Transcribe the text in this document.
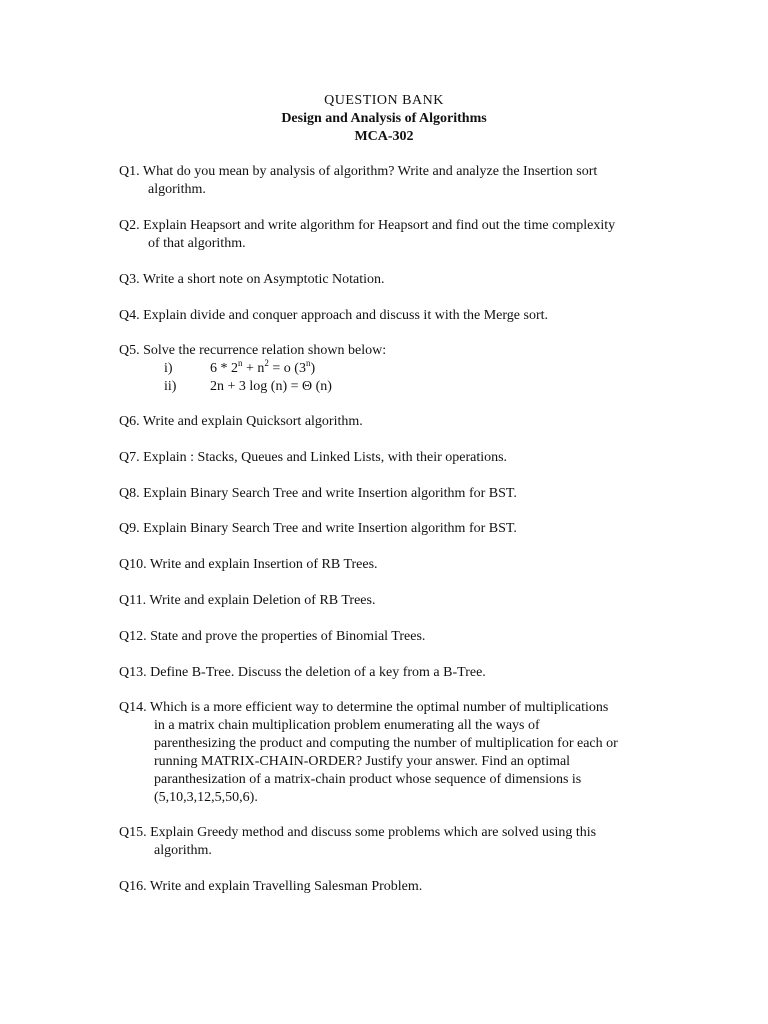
QUESTION BANK
Design and Analysis of Algorithms
MCA-302
Q1. What do you mean by analysis of algorithm? Write and analyze the Insertion sort
algorithm.
Q2. Explain Heapsort and write algorithm for Heapsort and find out the time complexity
of that algorithm.
Q3. Write a short note on Asymptotic Notation.
Q4. Explain divide and conquer approach and discuss it with the Merge sort.
Q5. Solve the recurrence relation shown below:
i)	$6 * 2^n + n^2 = o$ (3$^n$)
ii) 2n + 3 log (n) = Θ (n)
Q6. Write and explain Quicksort algorithm.
Q7. Explain : Stacks, Queues and Linked Lists, with their operations.
Q8. Explain Binary Search Tree and write Insertion algorithm for BST.
Q9. Explain Binary Search Tree and write Insertion algorithm for BST.
Q10. Write and explain Insertion of RB Trees.
Q11. Write and explain Deletion of RB Trees.
Q12. State and prove the properties of Binomial Trees.
Q13. Define B-Tree. Discuss the deletion of a key from a B-Tree.
Q14. Which is a more efficient way to determine the optimal number of multiplications
in a matrix chain multiplication problem enumerating all the ways of
parenthesizing the product and computing the number of multiplication for each or
running MATRIX-CHAIN-ORDER? Justify your answer. Find an optimal
paranthesization of a matrix-chain product whose sequence of dimensions is
(5,10,3,12,5,50,6).
Q15. Explain Greedy method and discuss some problems which are solved using this
algorithm.
Q16. Write and explain Travelling Salesman Problem.
